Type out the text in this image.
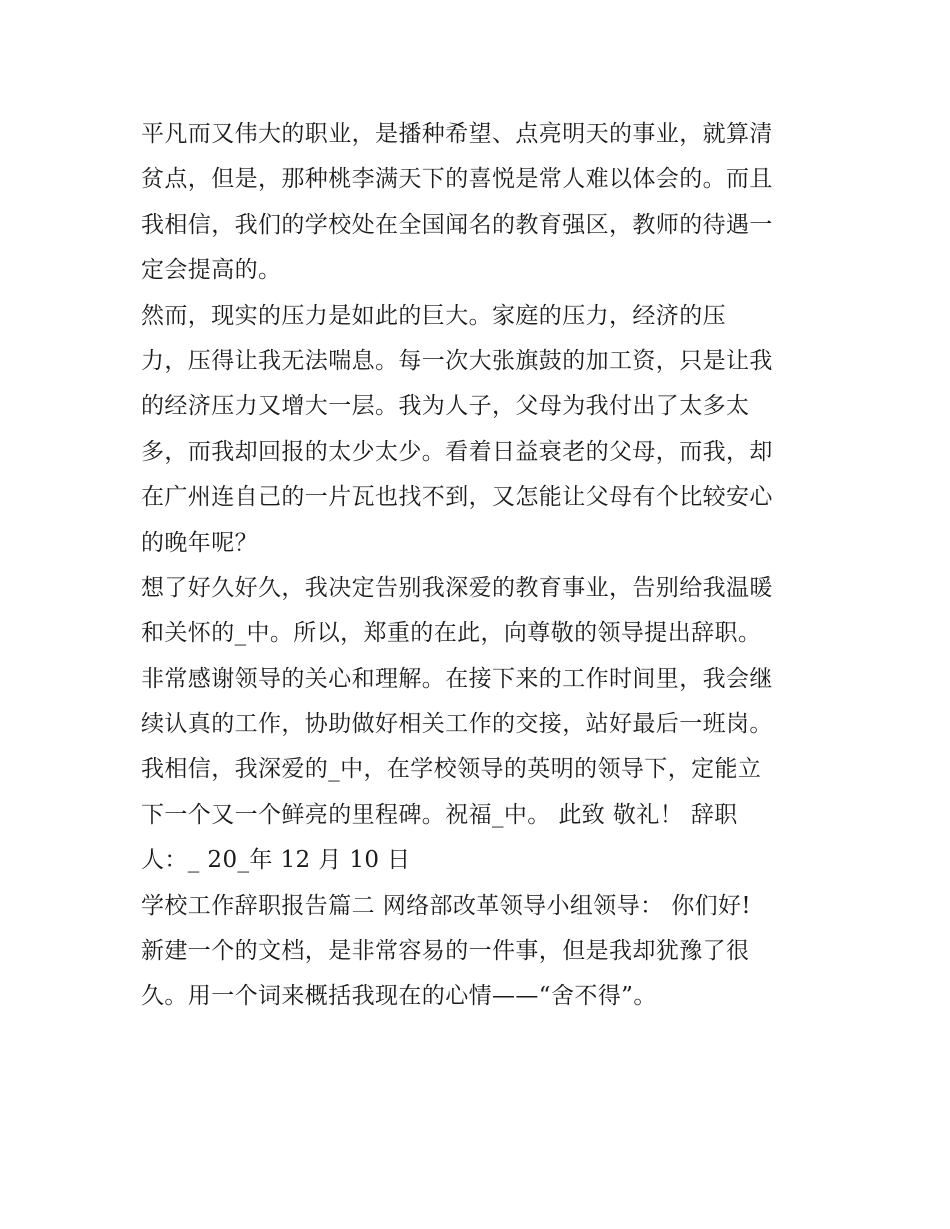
平凡而又伟大的职业，是播种希望、点亮明天的事业，就算清
贫点，但是，那种桃李满天下的喜悦是常人难以体会的。而且
我相信，我们的学校处在全国闻名的教育强区，教师的待遇一
定会提高的。
然而，现实的压力是如此的巨大。家庭的压力，经济的压
力，压得让我无法喘息。每一次大张旗鼓的加工资，只是让我
的经济压力又增大一层。我为人子，父母为我付出了太多太
多，而我却回报的太少太少。看着日益衰老的父母，而我，却
在广州连自己的一片瓦也找不到，又怎能让父母有个比较安心
的晚年呢？
想了好久好久，我决定告别我深爱的教育事业，告别给我温暖
和关怀的_中。所以，郑重的在此，向尊敬的领导提出辞职。
非常感谢领导的关心和理解。在接下来的工作时间里，我会继
续认真的工作，协助做好相关工作的交接，站好最后一班岗。
我相信，我深爱的_中，在学校领导的英明的领导下，定能立
下一个又一个鲜亮的里程碑。祝福_中。 此致 敬礼！ 辞职
人：_ 20_年 12 月 10 日
学校工作辞职报告篇二 网络部改革领导小组领导： 你们好!
新建一个的文档，是非常容易的一件事，但是我却犹豫了很
久。用一个词来概括我现在的心情——“舍不得”。
